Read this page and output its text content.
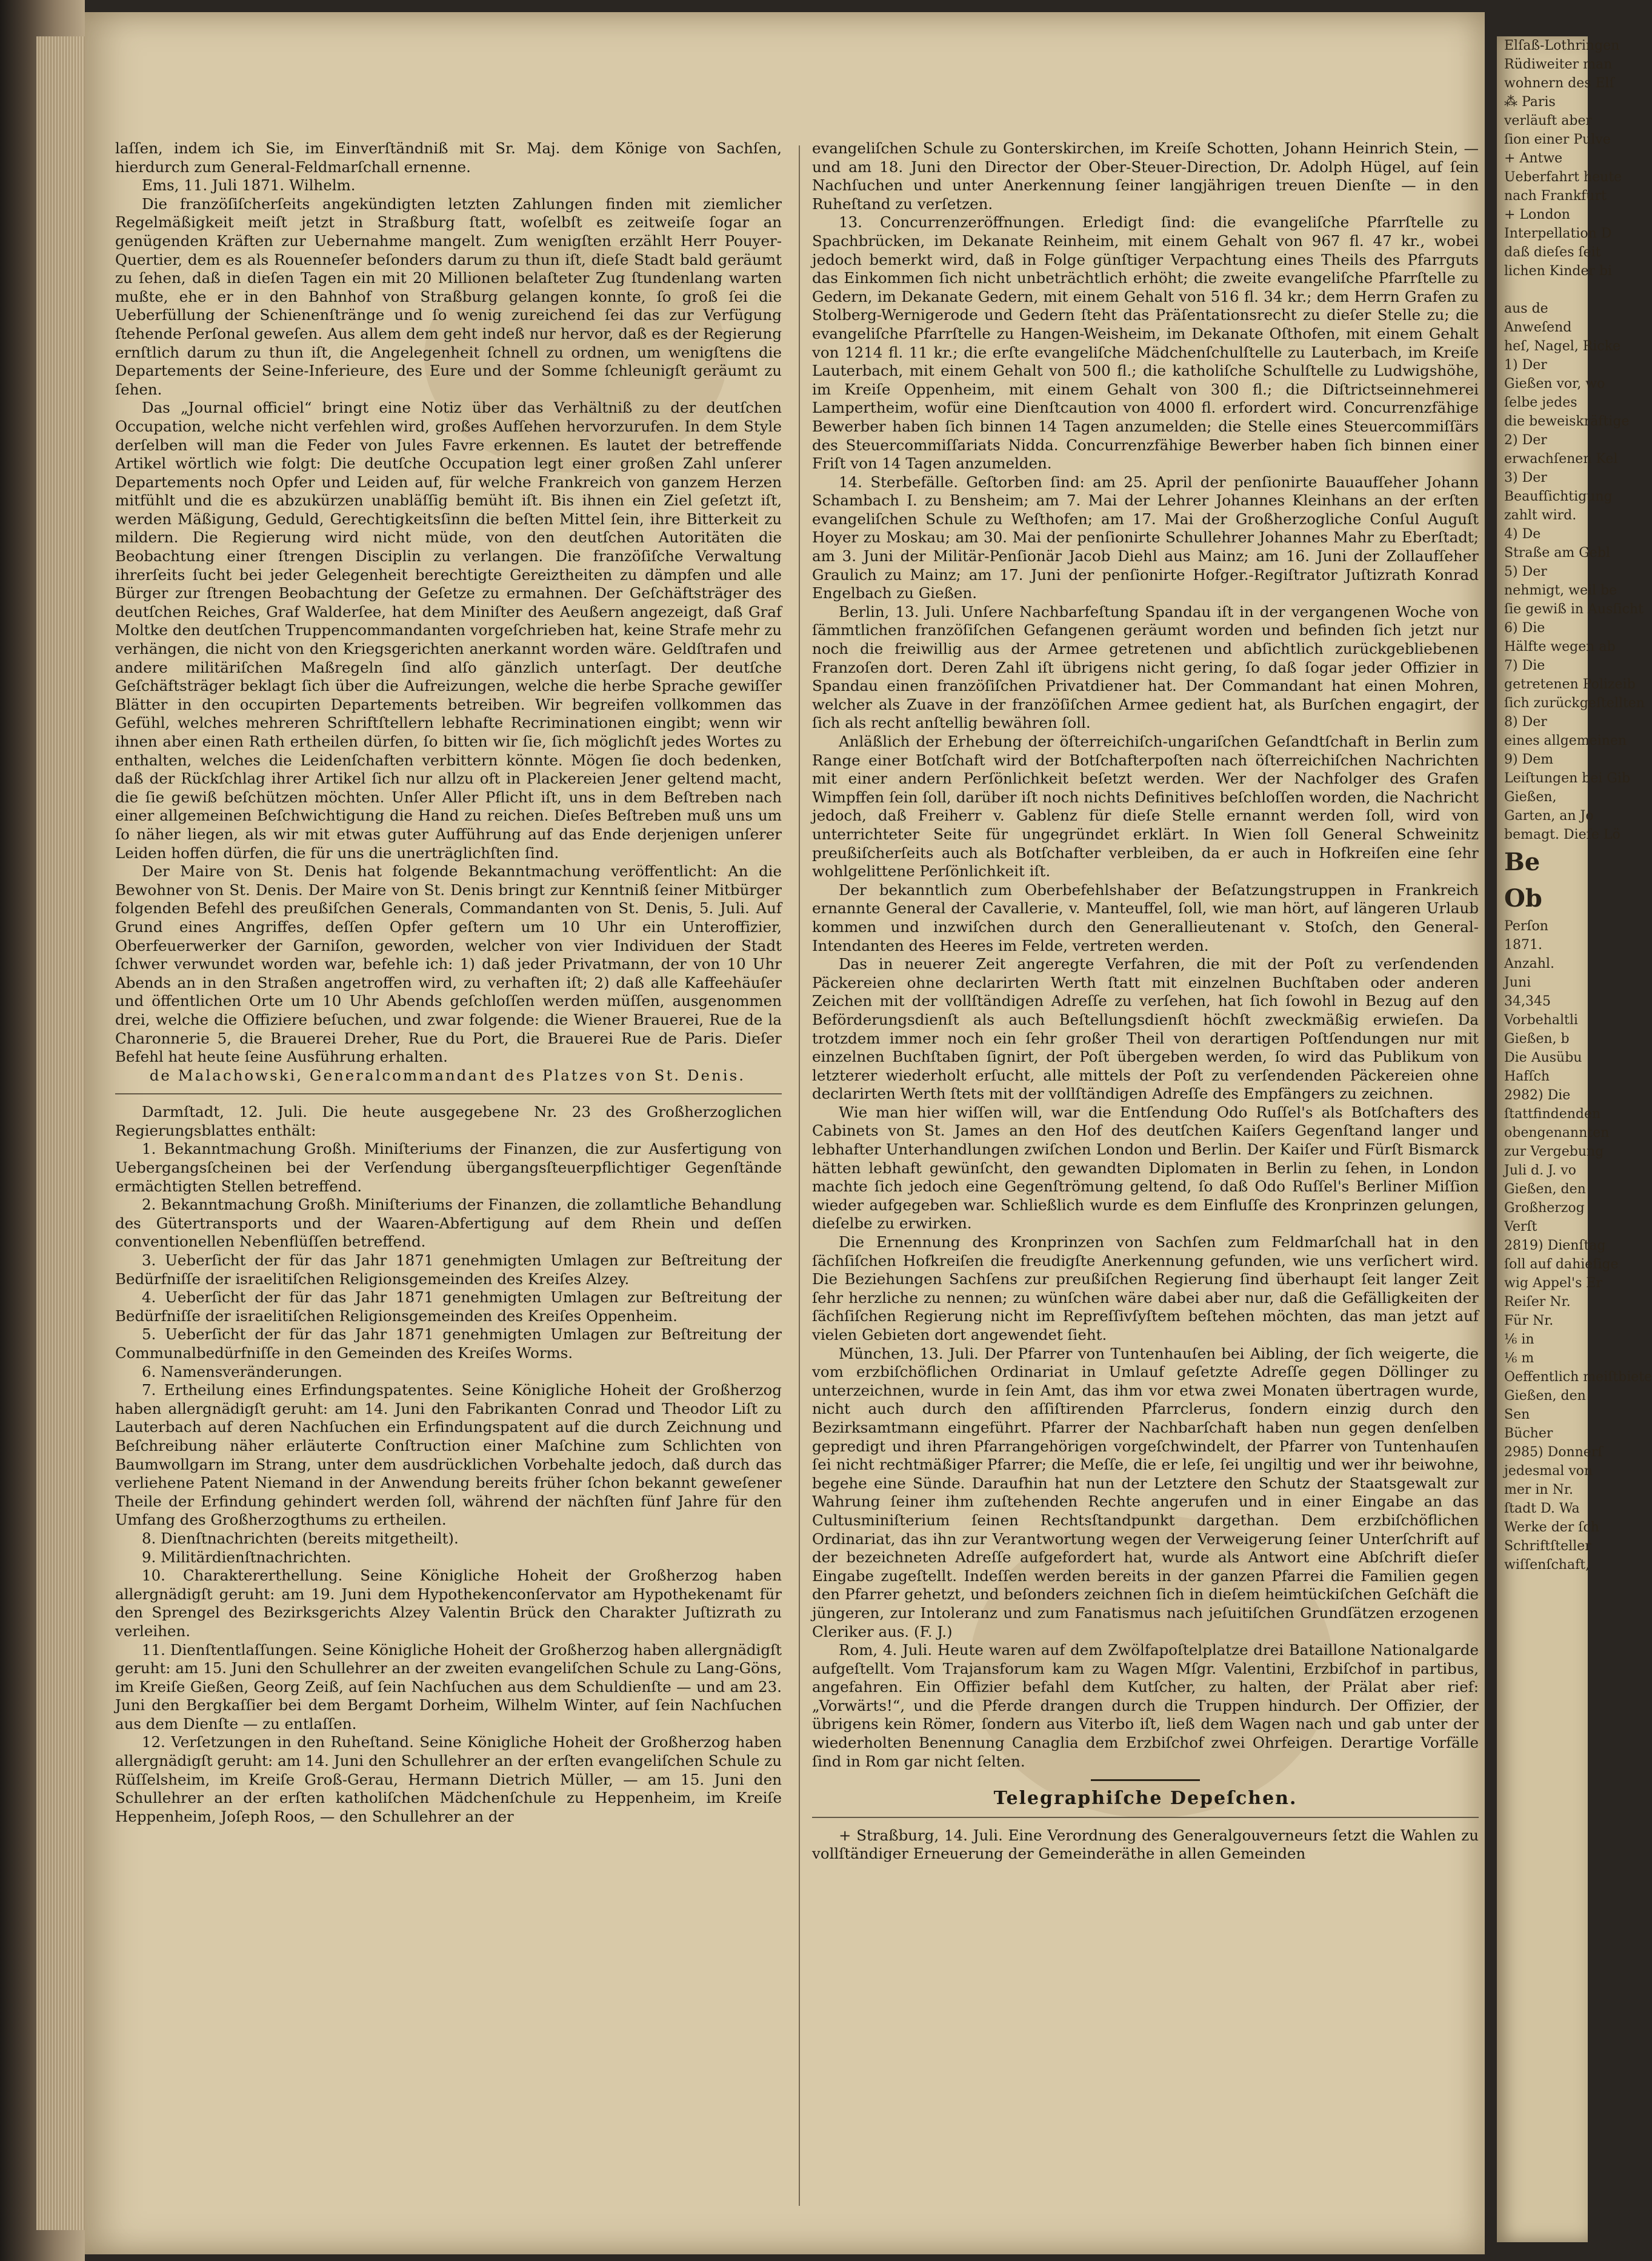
laſſen, indem ich Sie, im Einverſtändniß mit Sr. Maj. dem Könige von Sachſen, hierdurch zum General-Feldmarſchall ernenne.

Ems, 11. Juli 1871. Wilhelm.

Die franzöſiſcherſeits angekündigten letzten Zahlungen finden mit ziemlicher Regelmäßigkeit meiſt jetzt in Straßburg ſtatt, woſelbſt es zeitweiſe ſogar an genügenden Kräften zur Uebernahme mangelt. Zum wenigſten erzählt Herr Pouyer-Quertier, dem es als Rouenneſer beſonders darum zu thun iſt, dieſe Stadt bald geräumt zu ſehen, daß in dieſen Tagen ein mit 20 Millionen belaſteter Zug ſtundenlang warten mußte, ehe er in den Bahnhof von Straßburg gelangen konnte, ſo groß ſei die Ueberfüllung der Schienenſtränge und ſo wenig zureichend ſei das zur Verfügung ſtehende Perſonal geweſen. Aus allem dem geht indeß nur hervor, daß es der Regierung ernſtlich darum zu thun iſt, die Angelegenheit ſchnell zu ordnen, um wenigſtens die Departements der Seine-Inferieure, des Eure und der Somme ſchleunigſt geräumt zu ſehen.

Das „Journal officiel“ bringt eine Notiz über das Verhältniß zu der deutſchen Occupation, welche nicht verfehlen wird, großes Aufſehen hervorzurufen. In dem Style derſelben will man die Feder von Jules Favre erkennen. Es lautet der betreffende Artikel wörtlich wie folgt: Die deutſche Occupation legt einer großen Zahl unſerer Departements noch Opfer und Leiden auf, für welche Frankreich von ganzem Herzen mitfühlt und die es abzukürzen unabläſſig bemüht iſt. Bis ihnen ein Ziel geſetzt iſt, werden Mäßigung, Geduld, Gerechtigkeitsſinn die beſten Mittel ſein, ihre Bitterkeit zu mildern. Die Regierung wird nicht müde, von den deutſchen Autoritäten die Beobachtung einer ſtrengen Disciplin zu verlangen. Die franzöſiſche Verwaltung ihrerſeits ſucht bei jeder Gelegenheit berechtigte Gereiztheiten zu dämpfen und alle Bürger zur ſtrengen Beobachtung der Geſetze zu ermahnen. Der Geſchäftsträger des deutſchen Reiches, Graf Walderſee, hat dem Miniſter des Aeußern angezeigt, daß Graf Moltke den deutſchen Truppencommandanten vorgeſchrieben hat, keine Strafe mehr zu verhängen, die nicht von den Kriegsgerichten anerkannt worden wäre. Geldſtrafen und andere militäriſchen Maßregeln ſind alſo gänzlich unterſagt. Der deutſche Geſchäftsträger beklagt ſich über die Aufreizungen, welche die herbe Sprache gewiſſer Blätter in den occupirten Departements betreiben. Wir begreifen vollkommen das Gefühl, welches mehreren Schriftſtellern lebhafte Recriminationen eingibt; wenn wir ihnen aber einen Rath ertheilen dürfen, ſo bitten wir ſie, ſich möglichſt jedes Wortes zu enthalten, welches die Leidenſchaften verbittern könnte. Mögen ſie doch bedenken, daß der Rückſchlag ihrer Artikel ſich nur allzu oft in Plackereien Jener geltend macht, die ſie gewiß beſchützen möchten. Unſer Aller Pflicht iſt, uns in dem Beſtreben nach einer allgemeinen Beſchwichtigung die Hand zu reichen. Dieſes Beſtreben muß uns um ſo näher liegen, als wir mit etwas guter Aufführung auf das Ende derjenigen unſerer Leiden hoffen dürfen, die für uns die unerträglichſten ſind.

Der Maire von St. Denis hat folgende Bekanntmachung veröffentlicht: An die Bewohner von St. Denis. Der Maire von St. Denis bringt zur Kenntniß ſeiner Mitbürger folgenden Befehl des preußiſchen Generals, Commandanten von St. Denis, 5. Juli. Auf Grund eines Angriffes, deſſen Opfer geſtern um 10 Uhr ein Unteroffizier, Oberfeuerwerker der Garniſon, geworden, welcher von vier Individuen der Stadt ſchwer verwundet worden war, befehle ich: 1) daß jeder Privatmann, der von 10 Uhr Abends an in den Straßen angetroffen wird, zu verhaften iſt; 2) daß alle Kaffeehäuſer und öffentlichen Orte um 10 Uhr Abends geſchloſſen werden müſſen, ausgenommen drei, welche die Offiziere beſuchen, und zwar folgende: die Wiener Brauerei, Rue de la Charonnerie 5, die Brauerei Dreher, Rue du Port, die Brauerei Rue de Paris. Dieſer Befehl hat heute ſeine Ausführung erhalten.

de Malachowski, Generalcommandant des Platzes von St. Denis.

Darmſtadt, 12. Juli. Die heute ausgegebene Nr. 23 des Großherzoglichen Regierungsblattes enthält:

1. Bekanntmachung Großh. Miniſteriums der Finanzen, die zur Ausfertigung von Uebergangsſcheinen bei der Verſendung übergangsſteuerpflichtiger Gegenſtände ermächtigten Stellen betreffend.

2. Bekanntmachung Großh. Miniſteriums der Finanzen, die zollamtliche Behandlung des Gütertransports und der Waaren-Abfertigung auf dem Rhein und deſſen conventionellen Nebenflüſſen betreffend.

3. Ueberſicht der für das Jahr 1871 genehmigten Umlagen zur Beſtreitung der Bedürfniſſe der israelitiſchen Religionsgemeinden des Kreiſes Alzey.

4. Ueberſicht der für das Jahr 1871 genehmigten Umlagen zur Beſtreitung der Bedürfniſſe der israelitiſchen Religionsgemeinden des Kreiſes Oppenheim.

5. Ueberſicht der für das Jahr 1871 genehmigten Umlagen zur Beſtreitung der Communalbedürfniſſe in den Gemeinden des Kreiſes Worms.

6. Namensveränderungen.

7. Ertheilung eines Erfindungspatentes. Seine Königliche Hoheit der Großherzog haben allergnädigſt geruht: am 14. Juni den Fabrikanten Conrad und Theodor Liſt zu Lauterbach auf deren Nachſuchen ein Erfindungspatent auf die durch Zeichnung und Beſchreibung näher erläuterte Conſtruction einer Maſchine zum Schlichten von Baumwollgarn im Strang, unter dem ausdrücklichen Vorbehalte jedoch, daß durch das verliehene Patent Niemand in der Anwendung bereits früher ſchon bekannt geweſener Theile der Erfindung gehindert werden ſoll, während der nächſten fünf Jahre für den Umfang des Großherzogthums zu ertheilen.

8. Dienſtnachrichten (bereits mitgetheilt).

9. Militärdienſtnachrichten.

10. Charaktererthellung. Seine Königliche Hoheit der Großherzog haben allergnädigſt geruht: am 19. Juni dem Hypothekenconſervator am Hypothekenamt für den Sprengel des Bezirksgerichts Alzey Valentin Brück den Charakter Juſtizrath zu verleihen.

11. Dienſtentlaſſungen. Seine Königliche Hoheit der Großherzog haben allergnädigſt geruht: am 15. Juni den Schullehrer an der zweiten evangeliſchen Schule zu Lang-Göns, im Kreiſe Gießen, Georg Zeiß, auf ſein Nachſuchen aus dem Schuldienſte — und am 23. Juni den Bergkaſſier bei dem Bergamt Dorheim, Wilhelm Winter, auf ſein Nachſuchen aus dem Dienſte — zu entlaſſen.

12. Verſetzungen in den Ruheſtand. Seine Königliche Hoheit der Großherzog haben allergnädigſt geruht: am 14. Juni den Schullehrer an der erſten evangeliſchen Schule zu Rüſſelsheim, im Kreiſe Groß-Gerau, Hermann Dietrich Müller, — am 15. Juni den Schullehrer an der erſten katholiſchen Mädchenſchule zu Heppenheim, im Kreiſe Heppenheim, Joſeph Roos, — den Schullehrer an der

evangeliſchen Schule zu Gonterskirchen, im Kreiſe Schotten, Johann Heinrich Stein, — und am 18. Juni den Director der Ober-Steuer-Direction, Dr. Adolph Hügel, auf ſein Nachſuchen und unter Anerkennung ſeiner langjährigen treuen Dienſte — in den Ruheſtand zu verſetzen.

13. Concurrenzeröffnungen. Erledigt ſind: die evangeliſche Pfarrſtelle zu Spachbrücken, im Dekanate Reinheim, mit einem Gehalt von 967 fl. 47 kr., wobei jedoch bemerkt wird, daß in Folge günſtiger Verpachtung eines Theils des Pfarrguts das Einkommen ſich nicht unbeträchtlich erhöht; die zweite evangeliſche Pfarrſtelle zu Gedern, im Dekanate Gedern, mit einem Gehalt von 516 fl. 34 kr.; dem Herrn Grafen zu Stolberg-Wernigerode und Gedern ſteht das Präſentationsrecht zu dieſer Stelle zu; die evangeliſche Pfarrſtelle zu Hangen-Weisheim, im Dekanate Oſthofen, mit einem Gehalt von 1214 fl. 11 kr.; die erſte evangeliſche Mädchenſchulſtelle zu Lauterbach, im Kreiſe Lauterbach, mit einem Gehalt von 500 fl.; die katholiſche Schulſtelle zu Ludwigshöhe, im Kreiſe Oppenheim, mit einem Gehalt von 300 fl.; die Diſtrictseinnehmerei Lampertheim, wofür eine Dienſtcaution von 4000 fl. erfordert wird. Concurrenzfähige Bewerber haben ſich binnen 14 Tagen anzumelden; die Stelle eines Steuercommiſſärs des Steuercommiſſariats Nidda. Concurrenzfähige Bewerber haben ſich binnen einer Friſt von 14 Tagen anzumelden.

14. Sterbefälle. Geſtorben ſind: am 25. April der penſionirte Bauaufſeher Johann Schambach I. zu Bensheim; am 7. Mai der Lehrer Johannes Kleinhans an der erſten evangeliſchen Schule zu Weſthofen; am 17. Mai der Großherzogliche Conſul Auguſt Hoyer zu Moskau; am 30. Mai der penſionirte Schullehrer Johannes Mahr zu Eberſtadt; am 3. Juni der Militär-Penſionär Jacob Diehl aus Mainz; am 16. Juni der Zollaufſeher Graulich zu Mainz; am 17. Juni der penſionirte Hofger.-Regiſtrator Juſtizrath Konrad Engelbach zu Gießen.

Berlin, 13. Juli. Unſere Nachbarfeſtung Spandau iſt in der vergangenen Woche von ſämmtlichen franzöſiſchen Gefangenen geräumt worden und befinden ſich jetzt nur noch die freiwillig aus der Armee getretenen und abſichtlich zurückgebliebenen Franzoſen dort. Deren Zahl iſt übrigens nicht gering, ſo daß ſogar jeder Offizier in Spandau einen franzöſiſchen Privatdiener hat. Der Commandant hat einen Mohren, welcher als Zuave in der franzöſiſchen Armee gedient hat, als Burſchen engagirt, der ſich als recht anſtellig bewähren ſoll.

Anläßlich der Erhebung der öſterreichiſch-ungariſchen Geſandtſchaft in Berlin zum Range einer Botſchaft wird der Botſchafterpoſten nach öſterreichiſchen Nachrichten mit einer andern Perſönlichkeit beſetzt werden. Wer der Nachfolger des Grafen Wimpffen ſein ſoll, darüber iſt noch nichts Definitives beſchloſſen worden, die Nachricht jedoch, daß Freiherr v. Gablenz für dieſe Stelle ernannt werden ſoll, wird von unterrichteter Seite für ungegründet erklärt. In Wien ſoll General Schweinitz preußiſcherſeits auch als Botſchafter verbleiben, da er auch in Hofkreiſen eine ſehr wohlgelittene Perſönlichkeit iſt.

Der bekanntlich zum Oberbefehlshaber der Beſatzungstruppen in Frankreich ernannte General der Cavallerie, v. Manteuffel, ſoll, wie man hört, auf längeren Urlaub kommen und inzwiſchen durch den Generallieutenant v. Stoſch, den General-Intendanten des Heeres im Felde, vertreten werden.

Das in neuerer Zeit angeregte Verfahren, die mit der Poſt zu verſendenden Päckereien ohne declarirten Werth ſtatt mit einzelnen Buchſtaben oder anderen Zeichen mit der vollſtändigen Adreſſe zu verſehen, hat ſich ſowohl in Bezug auf den Beförderungsdienſt als auch Beſtellungsdienſt höchſt zweckmäßig erwieſen. Da trotzdem immer noch ein ſehr großer Theil von derartigen Poſtſendungen nur mit einzelnen Buchſtaben ſignirt, der Poſt übergeben werden, ſo wird das Publikum von letzterer wiederholt erſucht, alle mittels der Poſt zu verſendenden Päckereien ohne declarirten Werth ſtets mit der vollſtändigen Adreſſe des Empfängers zu zeichnen.

Wie man hier wiſſen will, war die Entſendung Odo Ruſſel's als Botſchafters des Cabinets von St. James an den Hof des deutſchen Kaiſers Gegenſtand langer und lebhafter Unterhandlungen zwiſchen London und Berlin. Der Kaiſer und Fürſt Bismarck hätten lebhaft gewünſcht, den gewandten Diplomaten in Berlin zu ſehen, in London machte ſich jedoch eine Gegenſtrömung geltend, ſo daß Odo Ruſſel's Berliner Miſſion wieder aufgegeben war. Schließlich wurde es dem Einfluſſe des Kronprinzen gelungen, dieſelbe zu erwirken.

Die Ernennung des Kronprinzen von Sachſen zum Feldmarſchall hat in den ſächſiſchen Hofkreiſen die freudigſte Anerkennung gefunden, wie uns verſichert wird. Die Beziehungen Sachſens zur preußiſchen Regierung ſind überhaupt ſeit langer Zeit ſehr herzliche zu nennen; zu wünſchen wäre dabei aber nur, daß die Gefälligkeiten der ſächſiſchen Regierung nicht im Repreſſivſyſtem beſtehen möchten, das man jetzt auf vielen Gebieten dort angewendet ſieht.

München, 13. Juli. Der Pfarrer von Tuntenhauſen bei Aibling, der ſich weigerte, die vom erzbiſchöflichen Ordinariat in Umlauf geſetzte Adreſſe gegen Döllinger zu unterzeichnen, wurde in ſein Amt, das ihm vor etwa zwei Monaten übertragen wurde, nicht auch durch den aſſiſtirenden Pfarrclerus, ſondern einzig durch den Bezirksamtmann eingeführt. Pfarrer der Nachbarſchaft haben nun gegen denſelben gepredigt und ihren Pfarrangehörigen vorgeſchwindelt, der Pfarrer von Tuntenhauſen ſei nicht rechtmäßiger Pfarrer; die Meſſe, die er leſe, ſei ungiltig und wer ihr beiwohne, begehe eine Sünde. Daraufhin hat nun der Letztere den Schutz der Staatsgewalt zur Wahrung ſeiner ihm zuſtehenden Rechte angerufen und in einer Eingabe an das Cultusminiſterium ſeinen Rechtsſtandpunkt dargethan. Dem erzbiſchöflichen Ordinariat, das ihn zur Verantwortung wegen der Verweigerung ſeiner Unterſchrift auf der bezeichneten Adreſſe aufgefordert hat, wurde als Antwort eine Abſchrift dieſer Eingabe zugeſtellt. Indeſſen werden bereits in der ganzen Pfarrei die Familien gegen den Pfarrer gehetzt, und beſonders zeichnen ſich in dieſem heimtückiſchen Geſchäft die jüngeren, zur Intoleranz und zum Fanatismus nach jeſuitiſchen Grundſätzen erzogenen Cleriker aus. (F. J.)

Rom, 4. Juli. Heute waren auf dem Zwölfapoſtelplatze drei Bataillone Nationalgarde aufgeſtellt. Vom Trajansforum kam zu Wagen Mſgr. Valentini, Erzbiſchof in partibus, angefahren. Ein Offizier befahl dem Kutſcher, zu halten, der Prälat aber rief: „Vorwärts!“, und die Pferde drangen durch die Truppen hindurch. Der Offizier, der übrigens kein Römer, ſondern aus Viterbo iſt, ließ dem Wagen nach und gab unter der wiederholten Benennung Canaglia dem Erzbiſchof zwei Ohrfeigen. Derartige Vorfälle ſind in Rom gar nicht ſelten.

Telegraphiſche Depeſchen.

+ Straßburg, 14. Juli. Eine Verordnung des Generalgouverneurs ſetzt die Wahlen zu vollſtändiger Erneuerung der Gemeinderäthe in allen Gemeinden

Elſaß-Lothringen
Rüdiweiter man
wohnern des Elſ
⁂ Paris
verläuft aber
ſion einer Pulve
+ Antwe
Ueberfahrt heute
nach Frankfurt
+ London
Interpellation D
daß dieſes ſeit
lichen Kinder bi

aus de
Anweſend
heſ, Nagel, Ricke
1) Der
Gießen vor, wo
ſelbe jedes
die beweiskräftige
2) Der
erwachſenen Kel
3) Der
Beaufſichtigung
zahlt wird.
4) De
Straße am Gebl
5) Der
nehmigt, weil be
ſie gewiß in Ausſicht
6) Die
Hälfte wegen ab
7) Die
getretenen Polizeib
ſich zurückgeſtellten
8) Der
eines allgemeinen
9) Dem
Leiſtungen bei Gib
Gießen,
Garten, an Jo
bemagt. Dieſe Lö
Be
Ob
Perſon
1871.
Anzahl.
Juni
34,345
Vorbehaltli
Gießen, b
Die Ausübu
Hafſch
2982) Die
ſtattfindenden
obengenannten
zur Vergebung
Juli d. J. vo
Gießen, den
Großherzog
Verſt
2819) Dienſtag
ſoll auf dahieſige
wig Appel's Er
Reiſer Nr.
Für Nr.
⅙ in
⅙ m
Oeffentlich meiſtbiete
Gießen, den
Sen
Bücher
2985) Donnerſ
jedesmal von
mer in Nr.
ſtadt D. Wa
Werke der ſch
Schriftſteller
wiſſenſchaft,
